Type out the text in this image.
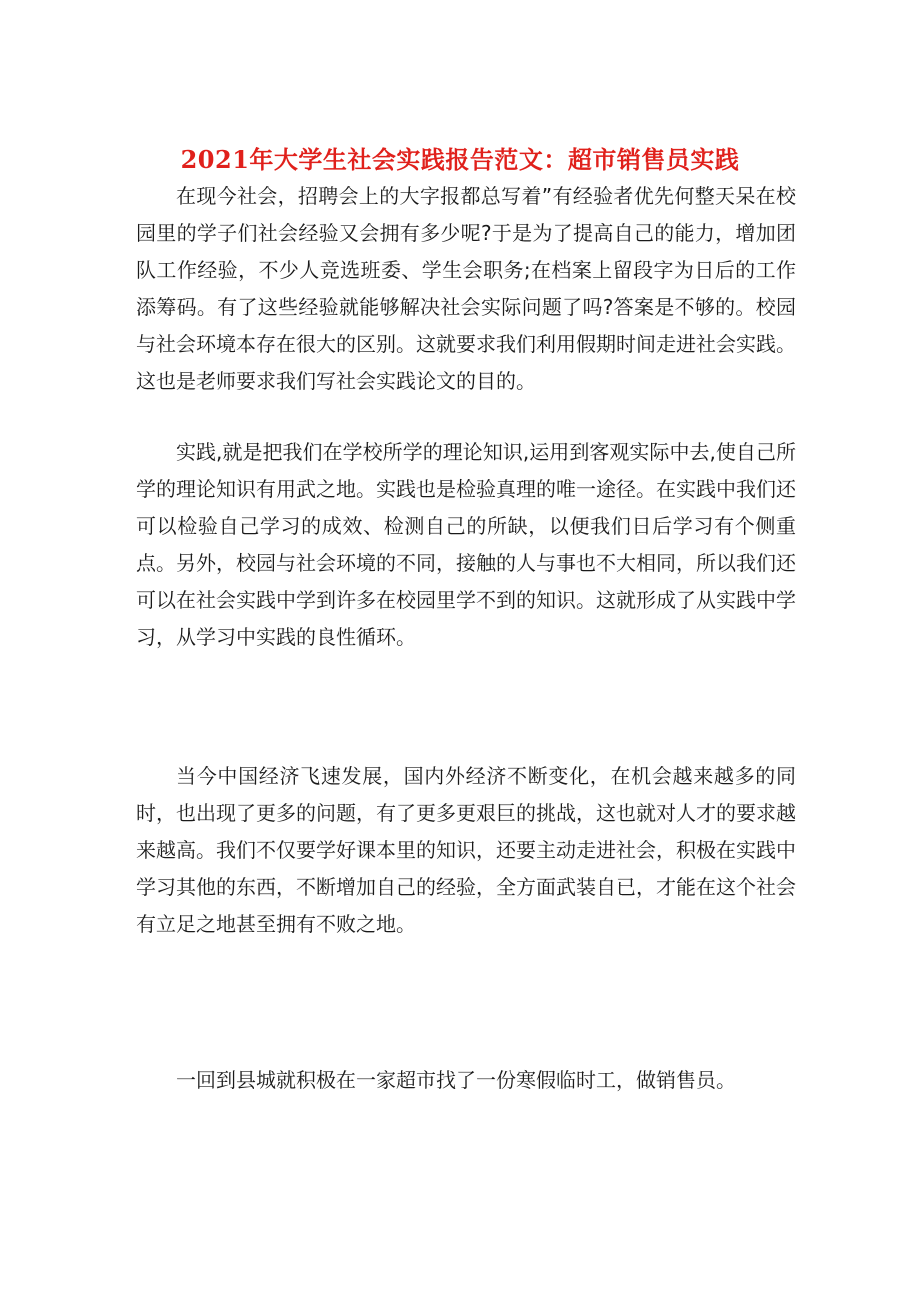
2021年大学生社会实践报告范文：超市销售员实践

在现今社会，招聘会上的大字报都总写着”有经验者优先何整天呆在校园里的学子们社会经验又会拥有多少呢?于是为了提高自己的能力，增加团队工作经验，不少人竞选班委、学生会职务;在档案上留段字为日后的工作添筹码。有了这些经验就能够解决社会实际问题了吗?答案是不够的。校园与社会环境本存在很大的区别。这就要求我们利用假期时间走进社会实践。这也是老师要求我们写社会实践论文的目的。

实践,就是把我们在学校所学的理论知识,运用到客观实际中去,使自己所学的理论知识有用武之地。实践也是检验真理的唯一途径。在实践中我们还可以检验自己学习的成效、检测自己的所缺，以便我们日后学习有个侧重点。另外，校园与社会环境的不同，接触的人与事也不大相同，所以我们还可以在社会实践中学到许多在校园里学不到的知识。这就形成了从实践中学习，从学习中实践的良性循环。

当今中国经济飞速发展，国内外经济不断变化，在机会越来越多的同时，也出现了更多的问题，有了更多更艰巨的挑战，这也就对人才的要求越来越高。我们不仅要学好课本里的知识，还要主动走进社会，积极在实践中学习其他的东西，不断增加自己的经验，全方面武装自已，才能在这个社会有立足之地甚至拥有不败之地。

一回到县城就积极在一家超市找了一份寒假临时工，做销售员。
